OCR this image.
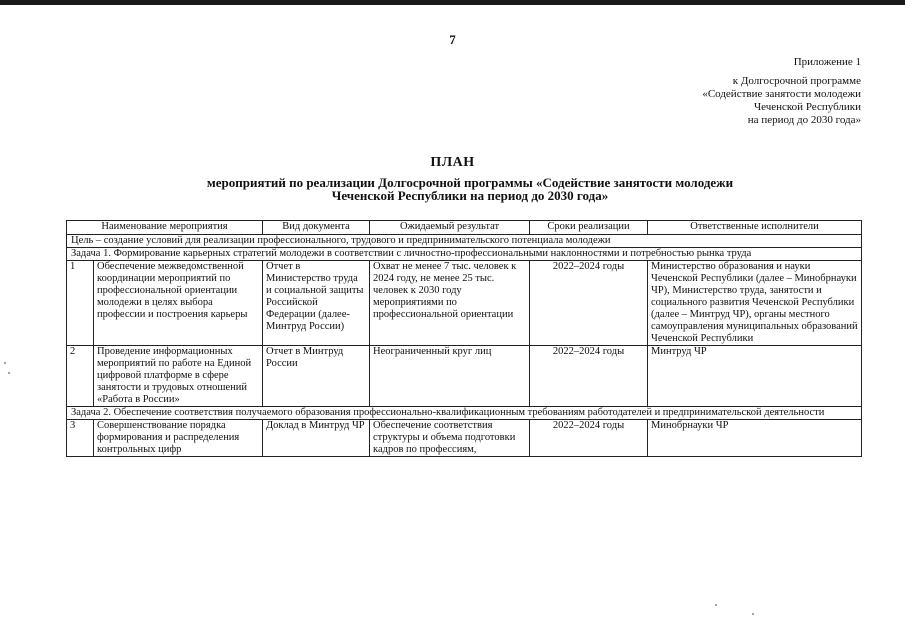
7
Приложение 1
к Долгосрочной программе
«Содействие занятости молодежи
Чеченской Республики
на период до 2030 года»
ПЛАН
мероприятий по реализации Долгосрочной программы «Содействие занятости молодежи
Чеченской Республики на период до 2030 года»
Наименование мероприятия		Вид документа	Ожидаемый результат	Сроки реализации	Ответственные исполнители
Цель – создание условий для реализации профессионального, трудового и предпринимательского потенциала молодежи					
Задача 1. Формирование карьерных стратегий молодежи в соответствии с личностно-профессиональными наклонностями и потребностью рынка труда					
1	Обеспечение межведомственной координации мероприятий по профессиональной ориентации молодежи в целях выбора профессии и построения карьеры	Отчет в Министерство труда и социальной защиты Российской Федерации (далее-Минтруд России)	Охват не менее 7 тыс. человек к 2024 году, не менее 25 тыс. человек к 2030 году мероприятиями по профессиональной ориентации	2022–2024 годы	Министерство образования и науки Чеченской Республики (далее – Минобрнауки ЧР), Министерство труда, занятости и социального развития Чеченской Республики (далее – Минтруд ЧР), органы местного самоуправления муниципальных образований Чеченской Республики
2	Проведение информационных мероприятий по работе на Единой цифровой платформе в сфере занятости и трудовых отношений «Работа в России»	Отчет в Минтруд России	Неограниченный круг лиц	2022–2024 годы	Минтруд ЧР
Задача 2. Обеспечение соответствия получаемого образования профессионально-квалификационным требованиям работодателей и предпринимательской деятельности					
3	Совершенствование порядка формирования и распределения контрольных цифр	Доклад в Минтруд ЧР	Обеспечение соответствия структуры и объема подготовки кадров по профессиям,	2022–2024 годы	Минобрнауки ЧР
